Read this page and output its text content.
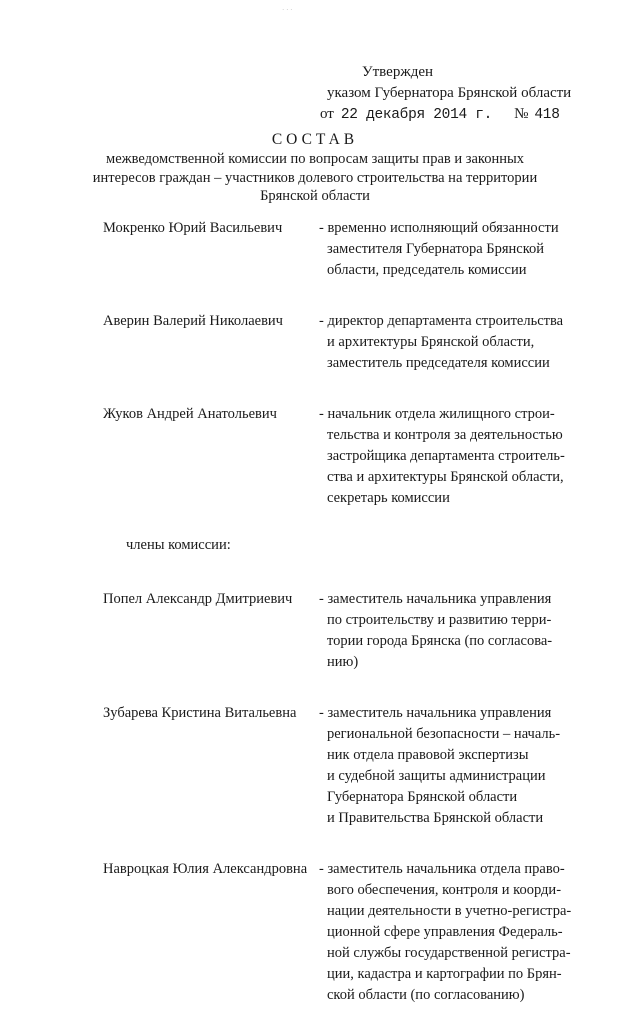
· · ·
Утвержден
указом Губернатора Брянской области
от 22 декабря 2014 г. № 418
СОСТАВ
межведомственной комиссии по вопросам защиты прав и законных
интересов граждан – участников долевого строительства на территории
Брянской области
Мокренко Юрий Васильевич	- временно исполняющий обязанности
заместителя Губернатора Брянской
области, председатель комиссии
Аверин Валерий Николаевич	- директор департамента строительства
и архитектуры Брянской области,
заместитель председателя комиссии
Жуков Андрей Анатольевич	- начальник отдела жилищного строи-
тельства и контроля за деятельностью
застройщика департамента строитель-
ства и архитектуры Брянской области,
секретарь комиссии
члены комиссии:
Попел Александр Дмитриевич	- заместитель начальника управления
по строительству и развитию терри-
тории города Брянска (по согласова-
нию)
Зубарева Кристина Витальевна	- заместитель начальника управления
региональной безопасности – началь-
ник отдела правовой экспертизы
и судебной защиты администрации
Губернатора Брянской области
и Правительства Брянской области
Навроцкая Юлия Александровна - заместитель начальника отдела право-
вого обеспечения, контроля и коорди-
нации деятельности в учетно-регистра-
ционной сфере управления Федераль-
ной службы государственной регистра-
ции, кадастра и картографии по Брян-
ской области (по согласованию)
